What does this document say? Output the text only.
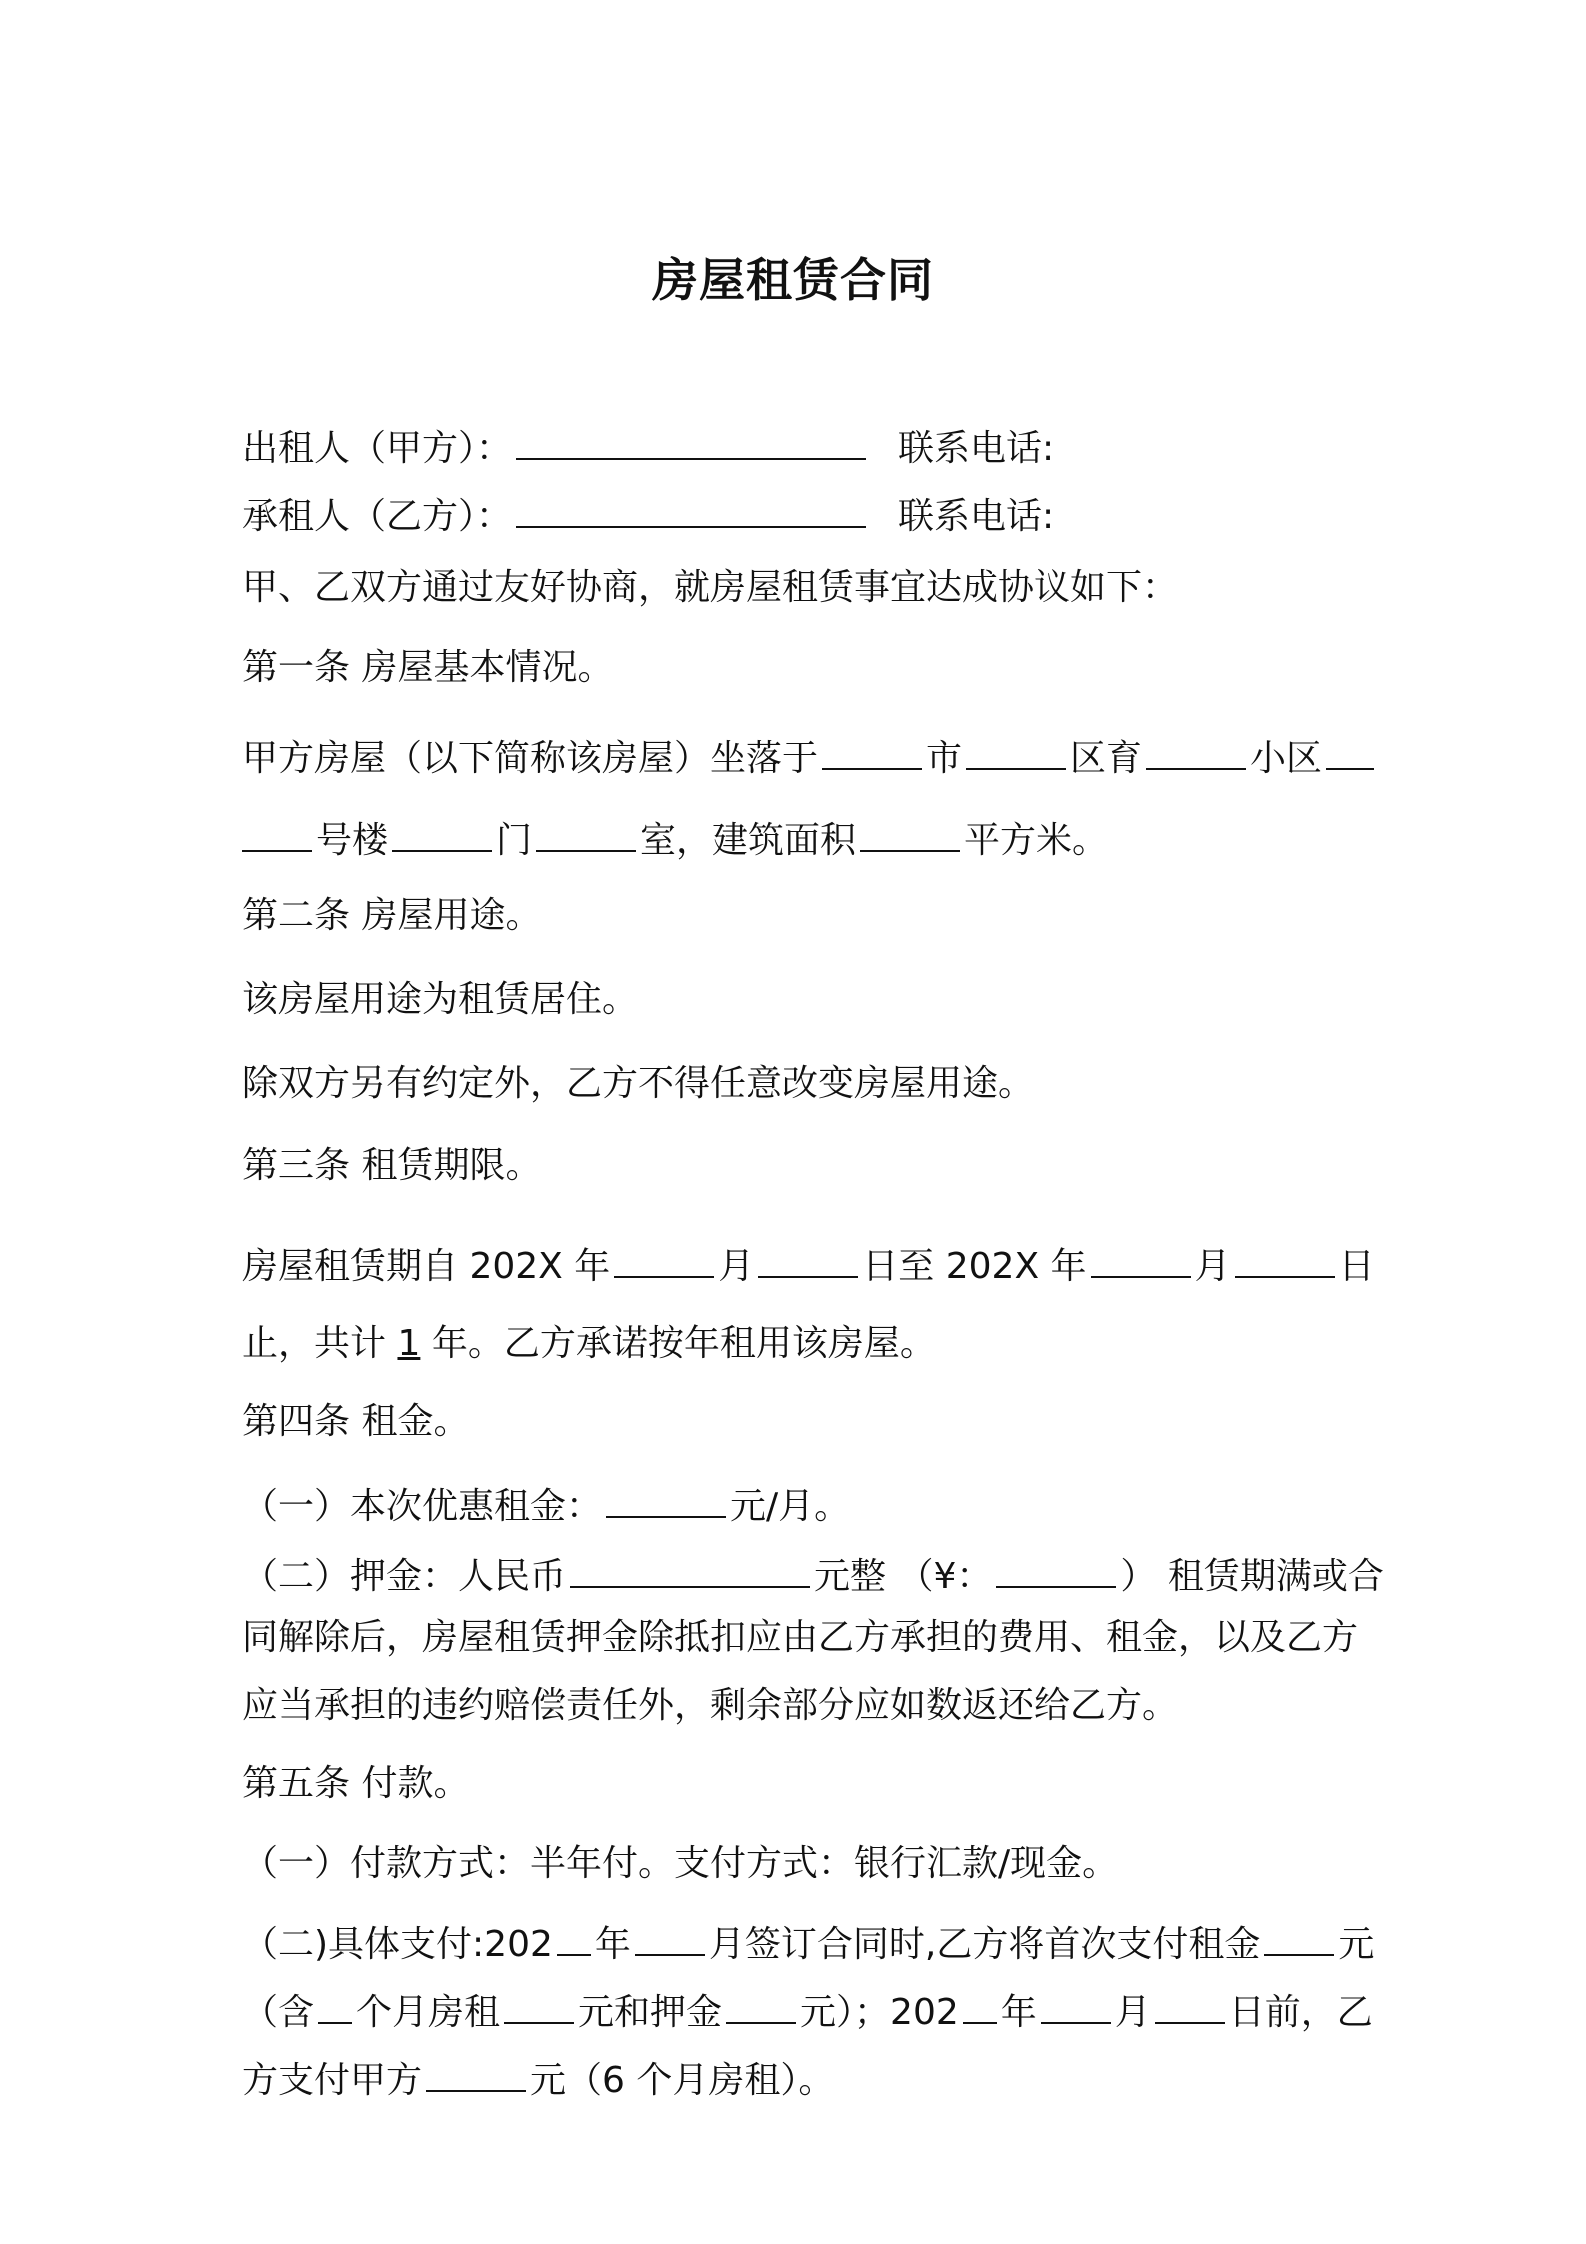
房屋租赁合同
出租人（甲方）：	联系电话:
承租人（乙方）：	联系电话:
甲、乙双方通过友好协商，就房屋租赁事宜达成协议如下：
第一条 房屋基本情况。
甲方房屋（以下简称该房屋）坐落于	市	区育	小区
号楼	门	室，建筑面积	平方米。
第二条 房屋用途。
该房屋用途为租赁居住。
除双方另有约定外，乙方不得任意改变房屋用途。
第三条 租赁期限。
房屋租赁期自 202X 年	月	日至 202X 年	月	日
止，共计 1 年。乙方承诺按年租用该房屋。
第四条 租金。
（一）本次优惠租金：	元/月。
（二）押金：人民币	元整 （¥：	） 租赁期满或合
同解除后，房屋租赁押金除抵扣应由乙方承担的费用、租金，以及乙方
应当承担的违约赔偿责任外，剩余部分应如数返还给乙方。
第五条 付款。
（一）付款方式：半年付。支付方式：银行汇款/现金。
（二)具体支付:202 年 月签订合同时,乙方将首次支付租金 元
（含 个月房租 元和押金 元）；202 年 月 日前，乙
方支付甲方	元（6 个月房租）。
